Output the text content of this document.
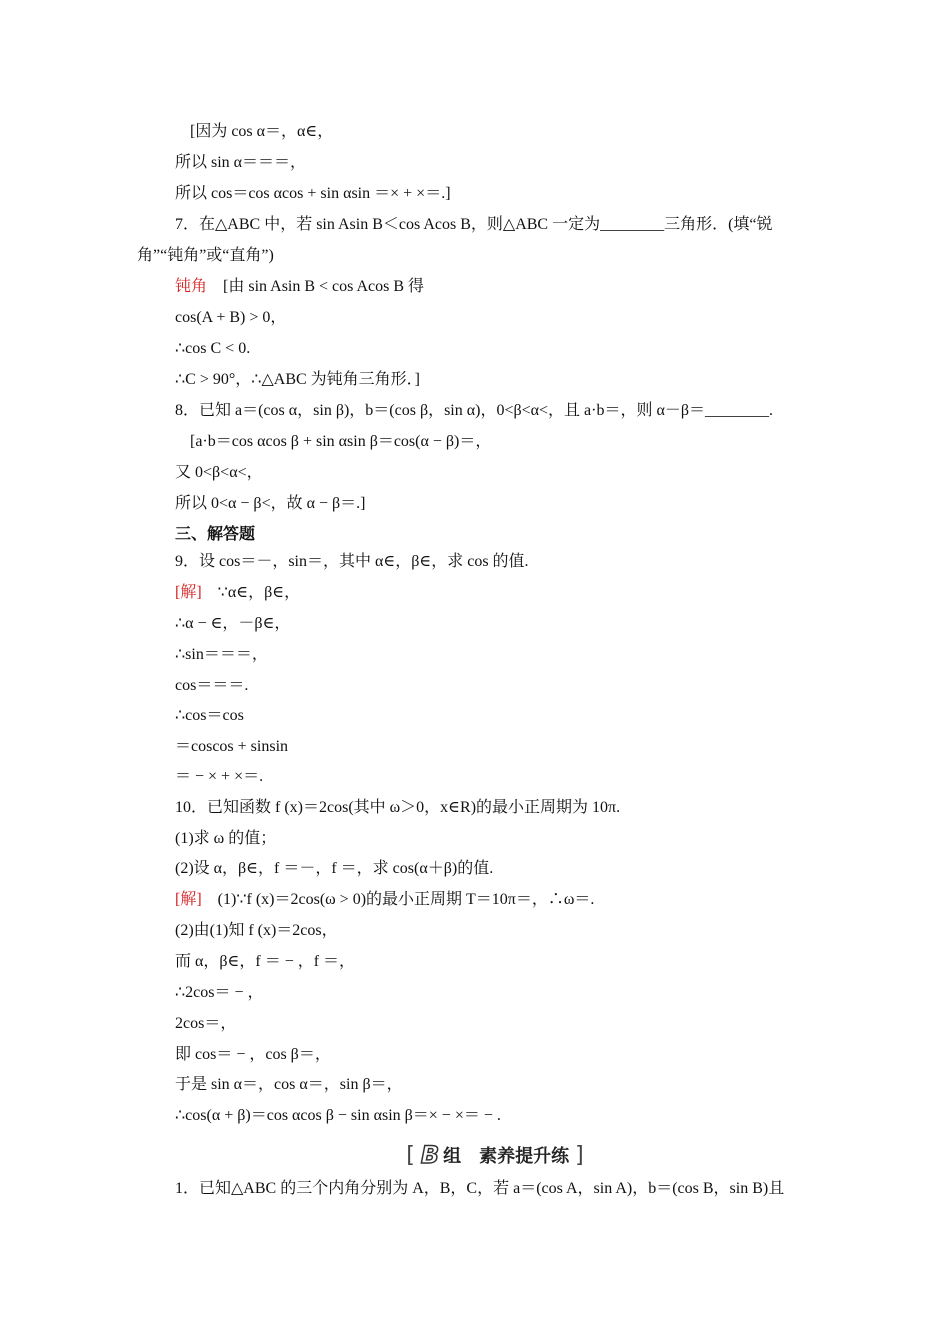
[因为 cos α＝，α∈，
所以 sin α＝＝＝，
所以 cos＝cos αcos + sin αsin ＝× + ×＝.]
7．在△ABC 中，若 sin Asin B＜cos Acos B，则△ABC 一定为________三角形．(填“锐
角”“钝角”或“直角”)
钝角 [由 sin Asin B < cos Acos B 得
cos(A + B) > 0，
∴cos C < 0.
∴C > 90°，∴△ABC 为钝角三角形．]
8．已知 a＝(cos α，sin β)，b＝(cos β，sin α)，0<β<α<，且 a·b＝，则 α－β＝________.
[a·b＝cos αcos β + sin αsin β＝cos(α − β)＝，
又 0<β<α<，
所以 0<α − β<，故 α − β＝.]
三、解答题
9．设 cos＝－，sin＝，其中 α∈，β∈，求 cos 的值.
[解] ∵α∈，β∈，
∴α − ∈，－β∈，
∴sin＝＝＝，
cos＝＝＝.
∴cos＝cos
＝coscos + sinsin
＝ − × + ×＝.
10．已知函数 f (x)＝2cos(其中 ω＞0，x∈R)的最小正周期为 10π.
(1)求 ω 的值；
(2)设 α，β∈，f ＝－，f ＝，求 cos(α＋β)的值.
[解] (1)∵f (x)＝2cos(ω > 0)的最小正周期 T＝10π＝，∴ω＝.
(2)由(1)知 f (x)＝2cos，
而 α，β∈，f ＝ − ，f ＝，
∴2cos＝ − ，
2cos＝，
即 cos＝ − ，cos β＝，
于是 sin α＝，cos α＝，sin β＝，
∴cos(α + β)＝cos αcos β − sin αsin β＝× − ×＝ − .
[ B 组 素养提升练 ]
1．已知△ABC 的三个内角分别为 A，B，C，若 a＝(cos A，sin A)，b＝(cos B，sin B)且
